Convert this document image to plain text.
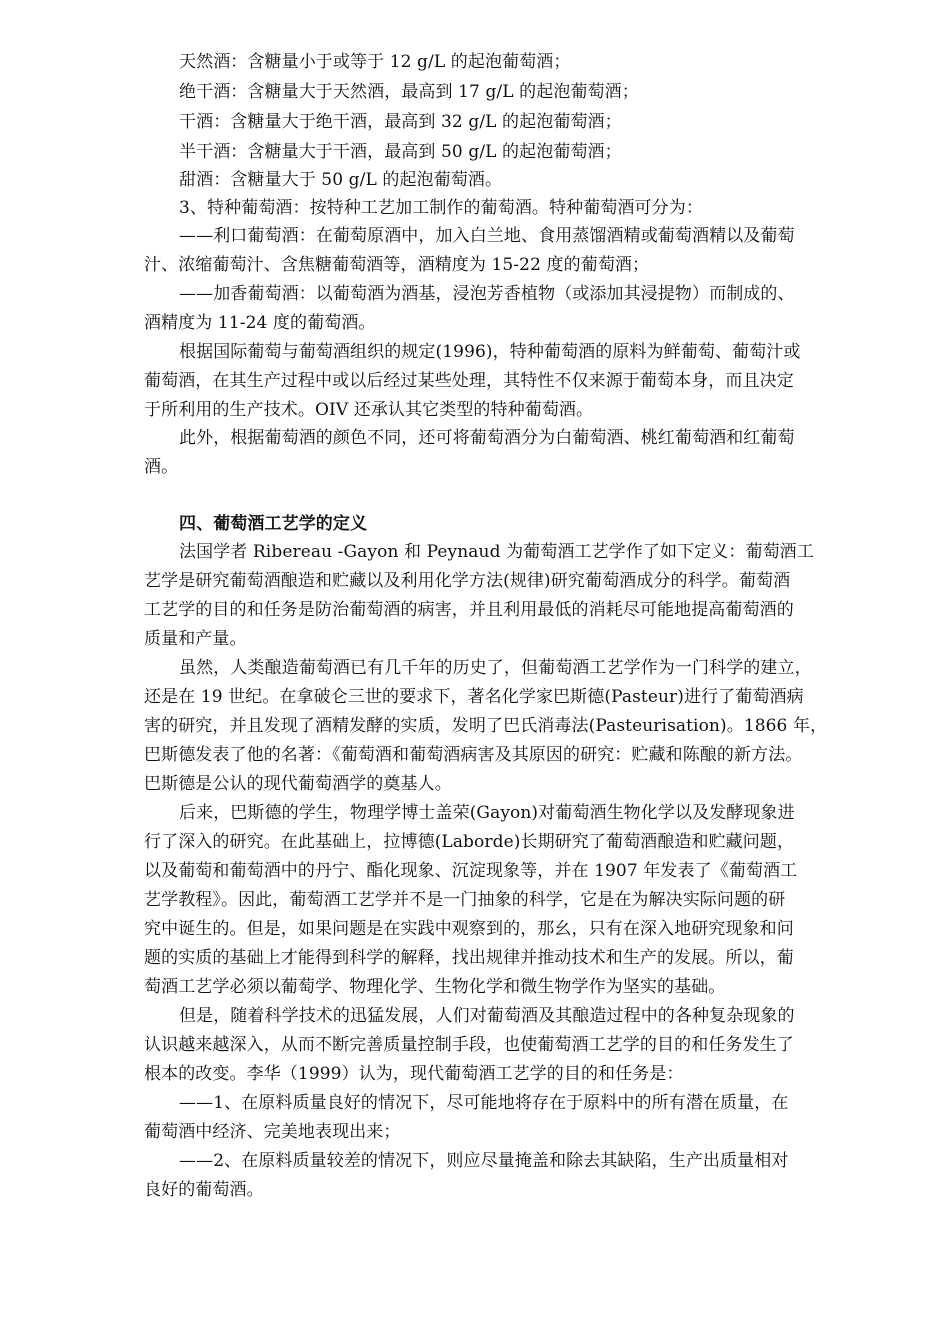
天然酒：含糖量小于或等于 12 g/L 的起泡葡萄酒；
绝干酒：含糖量大于天然酒，最高到 17 g/L 的起泡葡萄酒；
干酒：含糖量大于绝干酒，最高到 32 g/L 的起泡葡萄酒；
半干酒：含糖量大于干酒，最高到 50 g/L 的起泡葡萄酒；
甜酒：含糖量大于 50 g/L 的起泡葡萄酒。
3、特种葡萄酒：按特种工艺加工制作的葡萄酒。特种葡萄酒可分为：
——利口葡萄酒：在葡萄原酒中，加入白兰地、食用蒸馏酒精或葡萄酒精以及葡萄
汁、浓缩葡萄汁、含焦糖葡萄酒等，酒精度为 15-22 度的葡萄酒；
——加香葡萄酒：以葡萄酒为酒基，浸泡芳香植物（或添加其浸提物）而制成的、
酒精度为 11-24 度的葡萄酒。
根据国际葡萄与葡萄酒组织的规定(1996)，特种葡萄酒的原料为鲜葡萄、葡萄汁或
葡萄酒，在其生产过程中或以后经过某些处理，其特性不仅来源于葡萄本身，而且决定
于所利用的生产技术。OIV 还承认其它类型的特种葡萄酒。
此外，根据葡萄酒的颜色不同，还可将葡萄酒分为白葡萄酒、桃红葡萄酒和红葡萄
酒。
四、葡萄酒工艺学的定义
法国学者 Ribereau -Gayon 和 Peynaud 为葡萄酒工艺学作了如下定义：葡萄酒工
艺学是研究葡萄酒酿造和贮藏以及利用化学方法(规律)研究葡萄酒成分的科学。葡萄酒
工艺学的目的和任务是防治葡萄酒的病害，并且利用最低的消耗尽可能地提高葡萄酒的
质量和产量。
虽然，人类酿造葡萄酒已有几千年的历史了，但葡萄酒工艺学作为一门科学的建立，
还是在 19 世纪。在拿破仑三世的要求下，著名化学家巴斯德(Pasteur)进行了葡萄酒病
害的研究，并且发现了酒精发酵的实质，发明了巴氏消毒法(Pasteurisation)。1866 年，
巴斯德发表了他的名著：《葡萄酒和葡萄酒病害及其原因的研究：贮藏和陈酿的新方法。
巴斯德是公认的现代葡萄酒学的奠基人。
后来，巴斯德的学生，物理学博士盖荣(Gayon)对葡萄酒生物化学以及发酵现象进
行了深入的研究。在此基础上，拉博德(Laborde)长期研究了葡萄酒酿造和贮藏问题，
以及葡萄和葡萄酒中的丹宁、酯化现象、沉淀现象等，并在 1907 年发表了《葡萄酒工
艺学教程》。因此，葡萄酒工艺学并不是一门抽象的科学，它是在为解决实际问题的研
究中诞生的。但是，如果问题是在实践中观察到的，那幺，只有在深入地研究现象和问
题的实质的基础上才能得到科学的解释，找出规律并推动技术和生产的发展。所以，葡
萄酒工艺学必须以葡萄学、物理化学、生物化学和微生物学作为坚实的基础。
但是，随着科学技术的迅猛发展，人们对葡萄酒及其酿造过程中的各种复杂现象的
认识越来越深入，从而不断完善质量控制手段，也使葡萄酒工艺学的目的和任务发生了
根本的改变。李华（1999）认为，现代葡萄酒工艺学的目的和任务是：
——1、在原料质量良好的情况下，尽可能地将存在于原料中的所有潜在质量，在
葡萄酒中经济、完美地表现出来；
——2、在原料质量较差的情况下，则应尽量掩盖和除去其缺陷，生产出质量相对
良好的葡萄酒。
